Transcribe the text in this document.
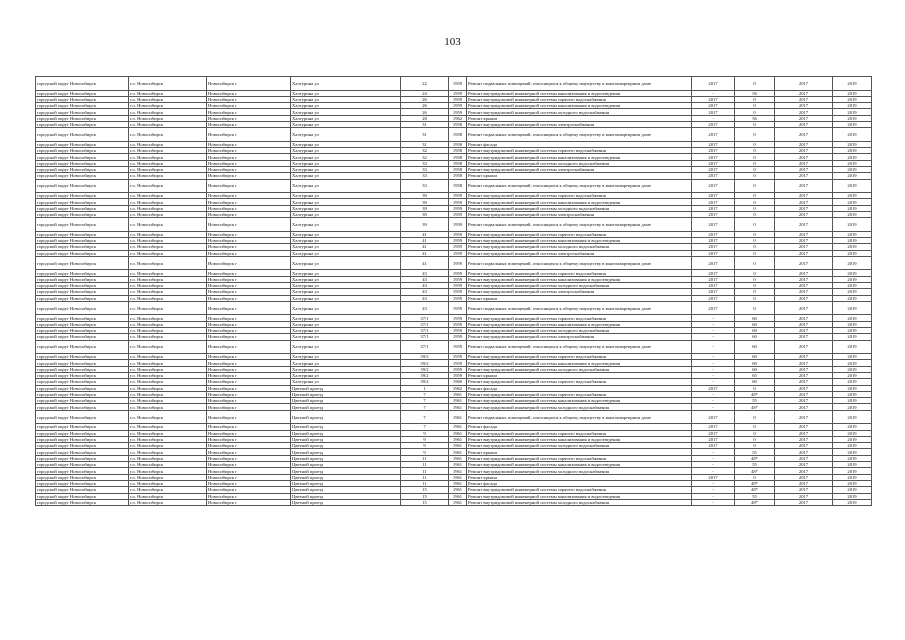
103
городской округ Новосибирск	г.о. Новосибирск	Новосибирск г	Халтурина ул	22	1959	Ремонт подвальных помещений, относящихся к общему имуществу в многоквартирном доме	2017	0	2017	2019
городской округ Новосибирск	г.о. Новосибирск	Новосибирск г	Халтурина ул	24	1959	Ремонт внутридомовой инженерной системы канализования и водоотведения	-	56	2017	2019
городской округ Новосибирск	г.о. Новосибирск	Новосибирск г	Халтурина ул	26	1959	Ремонт внутридомовой инженерной системы горячего водоснабжения	2017	0	2017	2019
городской округ Новосибирск	г.о. Новосибирск	Новосибирск г	Халтурина ул	26	1959	Ремонт внутридомовой инженерной системы канализования и водоотведения	2017	0	2017	2019
городской округ Новосибирск	г.о. Новосибирск	Новосибирск г	Халтурина ул	26	1959	Ремонт внутридомовой инженерной системы холодного водоснабжения	2017	0	2017	2019
городской округ Новосибирск	г.о. Новосибирск	Новосибирск г	Халтурина ул	28	1962	Ремонт крыши	-	56	2017	2019
городской округ Новосибирск	г.о. Новосибирск	Новосибирск г	Халтурина ул	31	1958	Ремонт внутридомовой инженерной системы электроснабжения	2017	0	2017	2019
городской округ Новосибирск	г.о. Новосибирск	Новосибирск г	Халтурина ул	31	1958	Ремонт подвальных помещений, относящихся к общему имуществу в многоквартирном доме	2017	0	2017	2019
городской округ Новосибирск	г.о. Новосибирск	Новосибирск г	Халтурина ул	31	1958	Ремонт фасада	2017	0	2017	2019
городской округ Новосибирск	г.о. Новосибирск	Новосибирск г	Халтурина ул	32	1958	Ремонт внутридомовой инженерной системы горячего водоснабжения	2017	0	2017	2019
городской округ Новосибирск	г.о. Новосибирск	Новосибирск г	Халтурина ул	32	1958	Ремонт внутридомовой инженерной системы канализования и водоотведения	2017	0	2017	2019
городской округ Новосибирск	г.о. Новосибирск	Новосибирск г	Халтурина ул	33	1958	Ремонт внутридомовой инженерной системы холодного водоснабжения	2017	0	2017	2019
городской округ Новосибирск	г.о. Новосибирск	Новосибирск г	Халтурина ул	33	1958	Ремонт внутридомовой инженерной системы электроснабжения	2017	0	2017	2019
городской округ Новосибирск	г.о. Новосибирск	Новосибирск г	Халтурина ул	33	1958	Ремонт крыши	2017	0	2017	2019
городской округ Новосибирск	г.о. Новосибирск	Новосибирск г	Халтурина ул	33	1958	Ремонт подвальных помещений, относящихся к общему имуществу в многоквартирном доме	2017	0	2017	2019
городской округ Новосибирск	г.о. Новосибирск	Новосибирск г	Халтурина ул	39	1959	Ремонт внутридомовой инженерной системы горячего водоснабжения	2017	0	2017	2019
городской округ Новосибирск	г.о. Новосибирск	Новосибирск г	Халтурина ул	39	1959	Ремонт внутридомовой инженерной системы канализования и водоотведения	2017	0	2017	2019
городской округ Новосибирск	г.о. Новосибирск	Новосибирск г	Халтурина ул	39	1959	Ремонт внутридомовой инженерной системы холодного водоснабжения	2017	0	2017	2019
городской округ Новосибирск	г.о. Новосибирск	Новосибирск г	Халтурина ул	39	1959	Ремонт внутридомовой инженерной системы электроснабжения	2017	0	2017	2019
городской округ Новосибирск	г.о. Новосибирск	Новосибирск г	Халтурина ул	39	1959	Ремонт подвальных помещений, относящихся к общему имуществу в многоквартирном доме	2017	0	2017	2019
городской округ Новосибирск	г.о. Новосибирск	Новосибирск г	Халтурина ул	41	1959	Ремонт внутридомовой инженерной системы горячего водоснабжения	2017	0	2017	2019
городской округ Новосибирск	г.о. Новосибирск	Новосибирск г	Халтурина ул	41	1959	Ремонт внутридомовой инженерной системы канализования и водоотведения	2017	0	2017	2019
городской округ Новосибирск	г.о. Новосибирск	Новосибирск г	Халтурина ул	41	1959	Ремонт внутридомовой инженерной системы холодного водоснабжения	2017	0	2017	2019
городской округ Новосибирск	г.о. Новосибирск	Новосибирск г	Халтурина ул	41	1959	Ремонт внутридомовой инженерной системы электроснабжения	2017	0	2017	2019
городской округ Новосибирск	г.о. Новосибирск	Новосибирск г	Халтурина ул	41	1959	Ремонт подвальных помещений, относящихся к общему имуществу в многоквартирном доме	2017	0	2017	2019
городской округ Новосибирск	г.о. Новосибирск	Новосибирск г	Халтурина ул	43	1959	Ремонт внутридомовой инженерной системы горячего водоснабжения	2017	0	2017	2019
городской округ Новосибирск	г.о. Новосибирск	Новосибирск г	Халтурина ул	43	1959	Ремонт внутридомовой инженерной системы канализования и водоотведения	2017	0	2017	2019
городской округ Новосибирск	г.о. Новосибирск	Новосибирск г	Халтурина ул	43	1959	Ремонт внутридомовой инженерной системы холодного водоснабжения	2017	0	2017	2019
городской округ Новосибирск	г.о. Новосибирск	Новосибирск г	Халтурина ул	43	1959	Ремонт внутридомовой инженерной системы электроснабжения	2017	0	2017	2019
городской округ Новосибирск	г.о. Новосибирск	Новосибирск г	Халтурина ул	43	1959	Ремонт крыши	2017	0	2017	2019
городской округ Новосибирск	г.о. Новосибирск	Новосибирск г	Халтурина ул	43	1959	Ремонт подвальных помещений, относящихся к общему имуществу в многоквартирном доме	2017	0	2017	2019
городской округ Новосибирск	г.о. Новосибирск	Новосибирск г	Халтурина ул	37/1	1959	Ремонт внутридомовой инженерной системы горячего водоснабжения	-	60	2017	2019
городской округ Новосибирск	г.о. Новосибирск	Новосибирск г	Халтурина ул	37/1	1959	Ремонт внутридомовой инженерной системы канализования и водоотведения	-	60	2017	2019
городской округ Новосибирск	г.о. Новосибирск	Новосибирск г	Халтурина ул	37/1	1959	Ремонт внутридомовой инженерной системы холодного водоснабжения	-	60	2017	2019
городской округ Новосибирск	г.о. Новосибирск	Новосибирск г	Халтурина ул	37/1	1959	Ремонт внутридомовой инженерной системы электроснабжения	-	60	2017	2019
городской округ Новосибирск	г.о. Новосибирск	Новосибирск г	Халтурина ул	37/1	1959	Ремонт подвальных помещений, относящихся к общему имуществу в многоквартирном доме	-	60	2017	2019
городской округ Новосибирск	г.о. Новосибирск	Новосибирск г	Халтурина ул	39/2	1959	Ремонт внутридомовой инженерной системы горячего водоснабжения	-	60	2017	2019
городской округ Новосибирск	г.о. Новосибирск	Новосибирск г	Халтурина ул	39/2	1959	Ремонт внутридомовой инженерной системы канализования и водоотведения	-	60	2017	2019
городской округ Новосибирск	г.о. Новосибирск	Новосибирск г	Халтурина ул	39/2	1959	Ремонт внутридомовой инженерной системы холодного водоснабжения	-	60	2017	2019
городской округ Новосибирск	г.о. Новосибирск	Новосибирск г	Халтурина ул	39/2	1959	Ремонт крыши	-	65	2017	2019
городской округ Новосибирск	г.о. Новосибирск	Новосибирск г	Халтурина ул	39/2	1960	Ремонт внутридомовой инженерной системы горячего водоснабжения	-	60	2017	2019
городской округ Новосибирск	г.о. Новосибирск	Новосибирск г	Цветной проезд	1	1962	Ремонт фасада	2017	0	2017	2019
городской округ Новосибирск	г.о. Новосибирск	Новосибирск г	Цветной проезд	7	1961	Ремонт внутридомовой инженерной системы горячего водоснабжения	-	48*	2017	2019
городской округ Новосибирск	г.о. Новосибирск	Новосибирск г	Цветной проезд	7	1961	Ремонт внутридомовой инженерной системы канализования и водоотведения	-	55	2017	2019
городской округ Новосибирск	г.о. Новосибирск	Новосибирск г	Цветной проезд	7	1961	Ремонт внутридомовой инженерной системы холодного водоснабжения	-	48*	2017	2019
городской округ Новосибирск	г.о. Новосибирск	Новосибирск г	Цветной проезд	7	1961	Ремонт подвальных помещений, относящихся к общему имуществу в многоквартирном доме	2017	0	2017	2019
городской округ Новосибирск	г.о. Новосибирск	Новосибирск г	Цветной проезд	7	1961	Ремонт фасада	2017	0	2017	2019
городской округ Новосибирск	г.о. Новосибирск	Новосибирск г	Цветной проезд	9	1961	Ремонт внутридомовой инженерной системы горячего водоснабжения	2017	0	2017	2019
городской округ Новосибирск	г.о. Новосибирск	Новосибирск г	Цветной проезд	9	1961	Ремонт внутридомовой инженерной системы канализования и водоотведения	2017	0	2017	2019
городской округ Новосибирск	г.о. Новосибирск	Новосибирск г	Цветной проезд	9	1961	Ремонт внутридомовой инженерной системы холодного водоснабжения	2017	0	2017	2019
городской округ Новосибирск	г.о. Новосибирск	Новосибирск г	Цветной проезд	9	1961	Ремонт крыши	-	55	2017	2019
городской округ Новосибирск	г.о. Новосибирск	Новосибирск г	Цветной проезд	11	1961	Ремонт внутридомовой инженерной системы горячего водоснабжения	-	48*	2017	2019
городской округ Новосибирск	г.о. Новосибирск	Новосибирск г	Цветной проезд	11	1961	Ремонт внутридомовой инженерной системы канализования и водоотведения	-	55	2017	2019
городской округ Новосибирск	г.о. Новосибирск	Новосибирск г	Цветной проезд	11	1961	Ремонт внутридомовой инженерной системы холодного водоснабжения	-	48*	2017	2019
городской округ Новосибирск	г.о. Новосибирск	Новосибирск г	Цветной проезд	11	1961	Ремонт крыши	2017	0	2017	2019
городской округ Новосибирск	г.о. Новосибирск	Новосибирск г	Цветной проезд	11	1961	Ремонт фасада	-	48*	2017	2019
городской округ Новосибирск	г.о. Новосибирск	Новосибирск г	Цветной проезд	15	1961	Ремонт внутридомовой инженерной системы горячего водоснабжения	-	48*	2017	2019
городской округ Новосибирск	г.о. Новосибирск	Новосибирск г	Цветной проезд	15	1961	Ремонт внутридомовой инженерной системы канализования и водоотведения	-	55	2017	2019
городской округ Новосибирск	г.о. Новосибирск	Новосибирск г	Цветной проезд	15	1961	Ремонт внутридомовой инженерной системы холодного водоснабжения	-	48*	2017	2019
